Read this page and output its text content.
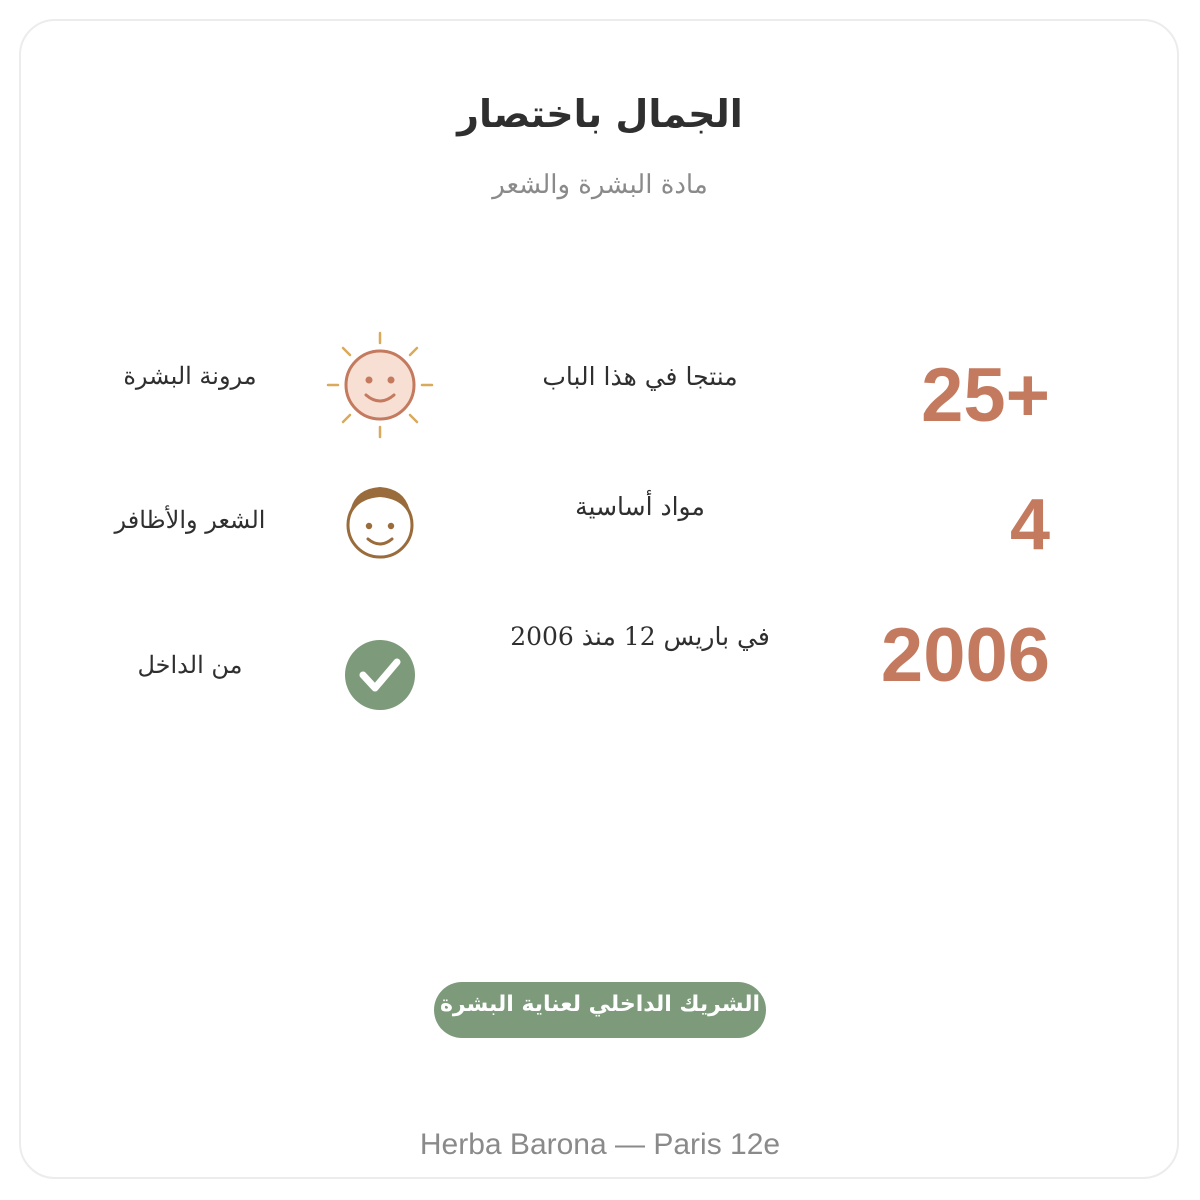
الجمال باختصار
مادة البشرة والشعر
25+
4
2006
منتجا في هذا الباب
مواد أساسية
في باريس 12 منذ 2006
مرونة البشرة
الشعر والأظافر
من الداخل
الشريك الداخلي لعناية البشرة
Herba Barona — Paris 12e
